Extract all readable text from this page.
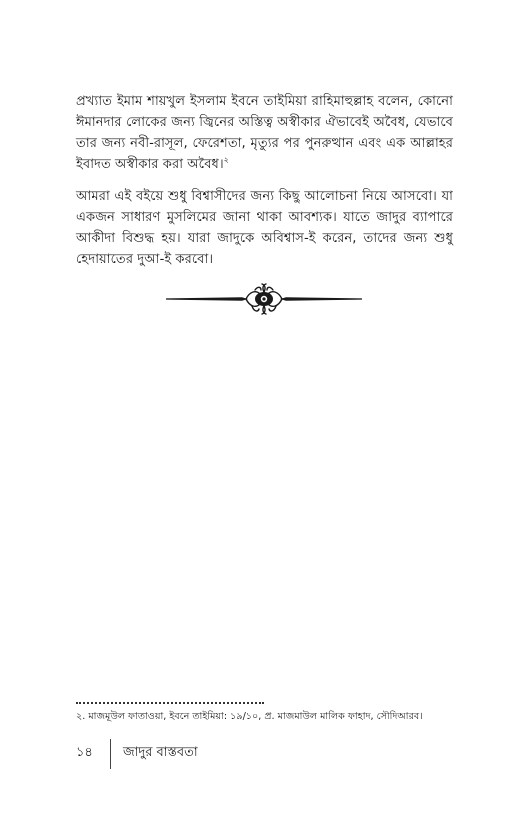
প্রখ্যাত ইমাম শায়খুল ইসলাম ইবনে তাইমিয়া রাহিমাহুল্লাহ বলেন, কোনো ঈমানদার লোকের জন্য জ্বিনের অস্তিত্ব অস্বীকার ঐভাবেই অবৈধ, যেভাবে তার জন্য নবী-রাসূল, ফেরেশতা, মৃত্যুর পর পুনরুত্থান এবং এক আল্লাহর ইবাদত অস্বীকার করা অবৈধ।$^২$

আমরা এই বইয়ে শুধু বিশ্বাসীদের জন্য কিছু আলোচনা নিয়ে আসবো। যা একজন সাধারণ মুসলিমের জানা থাকা আবশ্যক। যাতে জাদুর ব্যাপারে আকীদা বিশুদ্ধ হয়। যারা জাদুকে অবিশ্বাস-ই করেন, তাদের জন্য শুধু হেদায়াতের দুআ-ই করবো।

২. মাজমূউল ফাতাওয়া, ইবনে তাইমিয়া: ১৯/১০, প্র. মাজমাউল মালিক ফাহাদ, সৌদিআরব।
১৪ জাদুর বাস্তবতা
